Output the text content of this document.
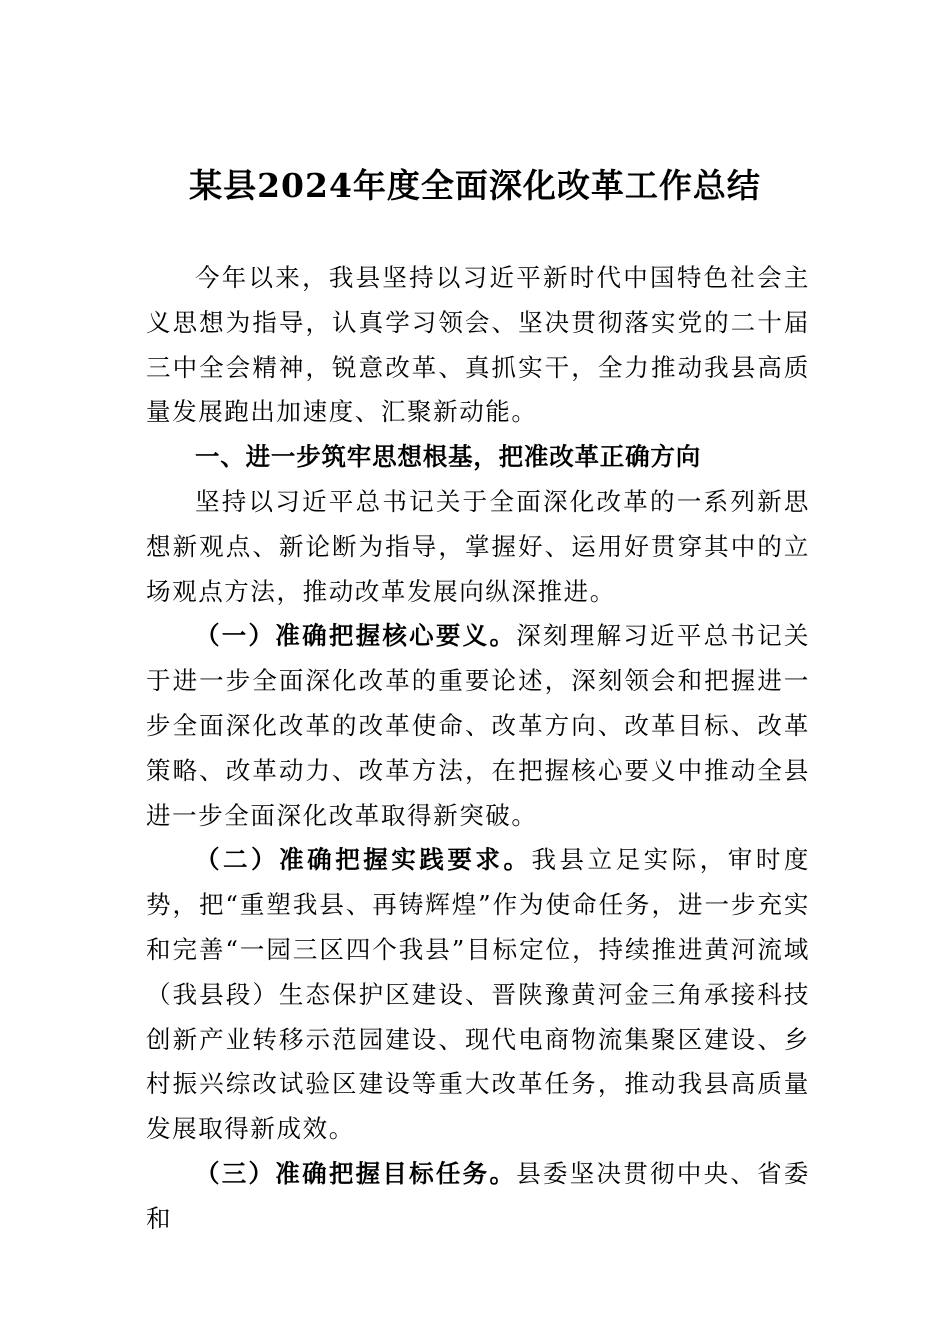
某县2024年度全面深化改革工作总结

今年以来，我县坚持以习近平新时代中国特色社会主义思想为指导，认真学习领会、坚决贯彻落实党的二十届三中全会精神，锐意改革、真抓实干，全力推动我县高质量发展跑出加速度、汇聚新动能。

一、进一步筑牢思想根基，把准改革正确方向

坚持以习近平总书记关于全面深化改革的一系列新思想新观点、新论断为指导，掌握好、运用好贯穿其中的立场观点方法，推动改革发展向纵深推进。

（一）准确把握核心要义。深刻理解习近平总书记关于进一步全面深化改革的重要论述，深刻领会和把握进一步全面深化改革的改革使命、改革方向、改革目标、改革策略、改革动力、改革方法，在把握核心要义中推动全县进一步全面深化改革取得新突破。

（二）准确把握实践要求。我县立足实际，审时度势，把“重塑我县、再铸辉煌”作为使命任务，进一步充实和完善“一园三区四个我县”目标定位，持续推进黄河流域（我县段）生态保护区建设、晋陕豫黄河金三角承接科技创新产业转移示范园建设、现代电商物流集聚区建设、乡村振兴综改试验区建设等重大改革任务，推动我县高质量发展取得新成效。

（三）准确把握目标任务。县委坚决贯彻中央、省委和
